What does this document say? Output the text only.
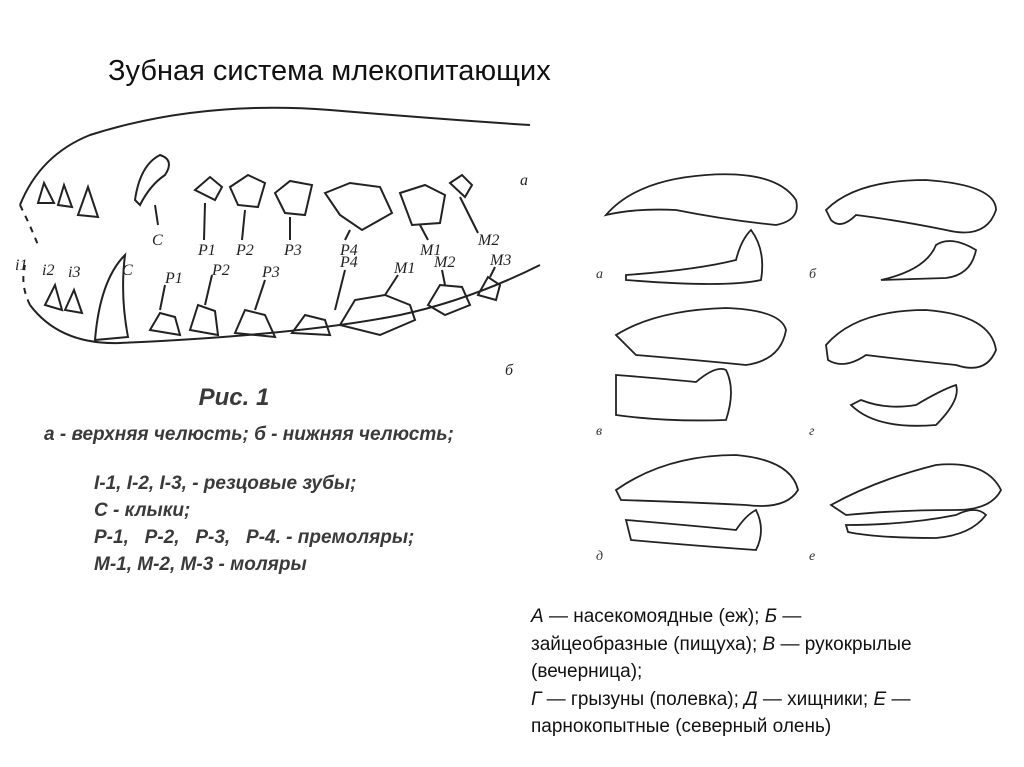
Зубная система млекопитающих
а
б
i1 i2 i3
C
P1 P2 P3 P4	M1
M2
C P1 P2 P3
P4 M1 M2 M3
Рис. 1
а - верхняя челюсть; б - нижняя челюсть;
I-1, I-2, I-3, - резцовые зубы;
С - клыки;
Р-1,   Р-2,   Р-3,   Р-4. - премоляры;
М-1, М-2, М-3 - моляры
а	б
в	г
д	е
А — насекомоядные (еж); Б —
зайцеобразные (пищуха); В — рукокрылые
(вечерница);
Г — грызуны (полевка); Д — хищники; Е —
парнокопытные (северный олень)
